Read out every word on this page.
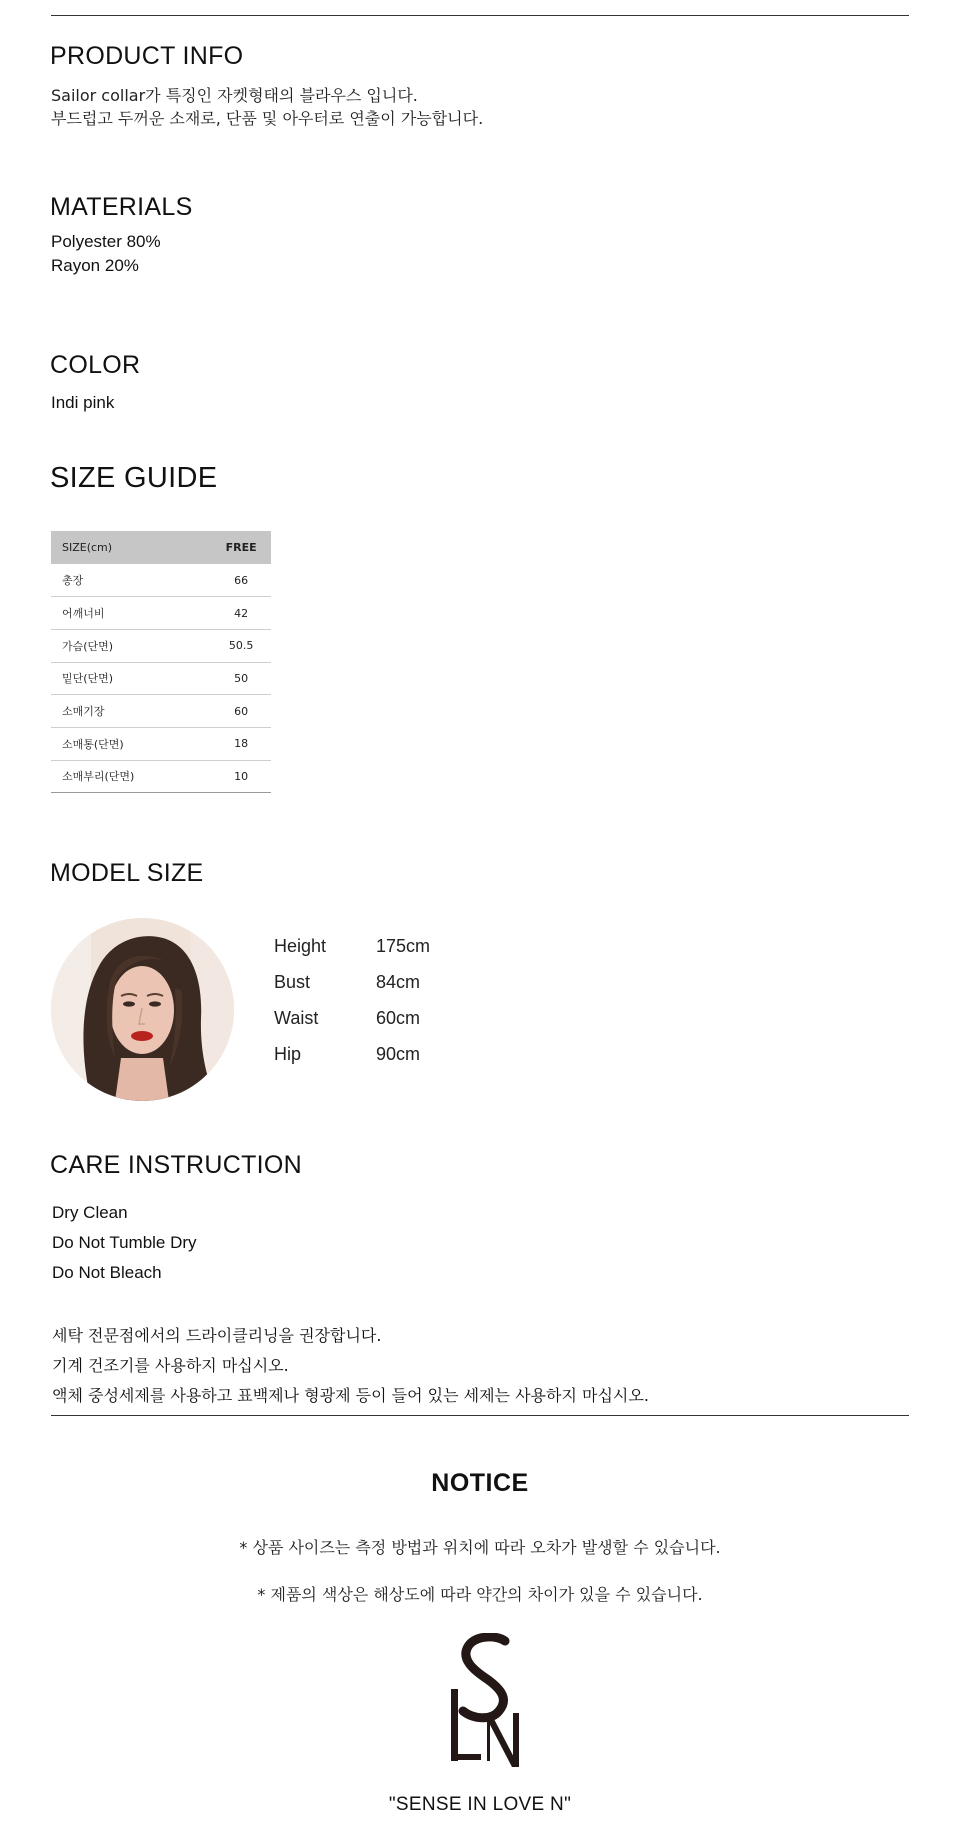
PRODUCT INFO
Sailor collar가 특징인 자켓형태의 블라우스 입니다.
부드럽고 두꺼운 소재로, 단품 및 아우터로 연출이 가능합니다.
MATERIALS
Polyester 80%
Rayon 20%
COLOR
Indi pink
SIZE GUIDE
SIZE(cm)	FREE
총장	66
어깨너비	42
가슴(단면)	50.5
밑단(단면)	50
소매기장	60
소매통(단면)	18
소매부리(단면)	10
MODEL SIZE
Height	175cm
Bust	84cm
Waist	60cm
Hip	90cm
CARE INSTRUCTION
Dry Clean
Do Not Tumble Dry
Do Not Bleach
세탁 전문점에서의 드라이클리닝을 권장합니다.
기계 건조기를 사용하지 마십시오.
액체 중성세제를 사용하고 표백제나 형광제 등이 들어 있는 세제는 사용하지 마십시오.
NOTICE
* 상품 사이즈는 측정 방법과 위치에 따라 오차가 발생할 수 있습니다.
* 제품의 색상은 해상도에 따라 약간의 차이가 있을 수 있습니다.
"SENSE IN LOVE N"
